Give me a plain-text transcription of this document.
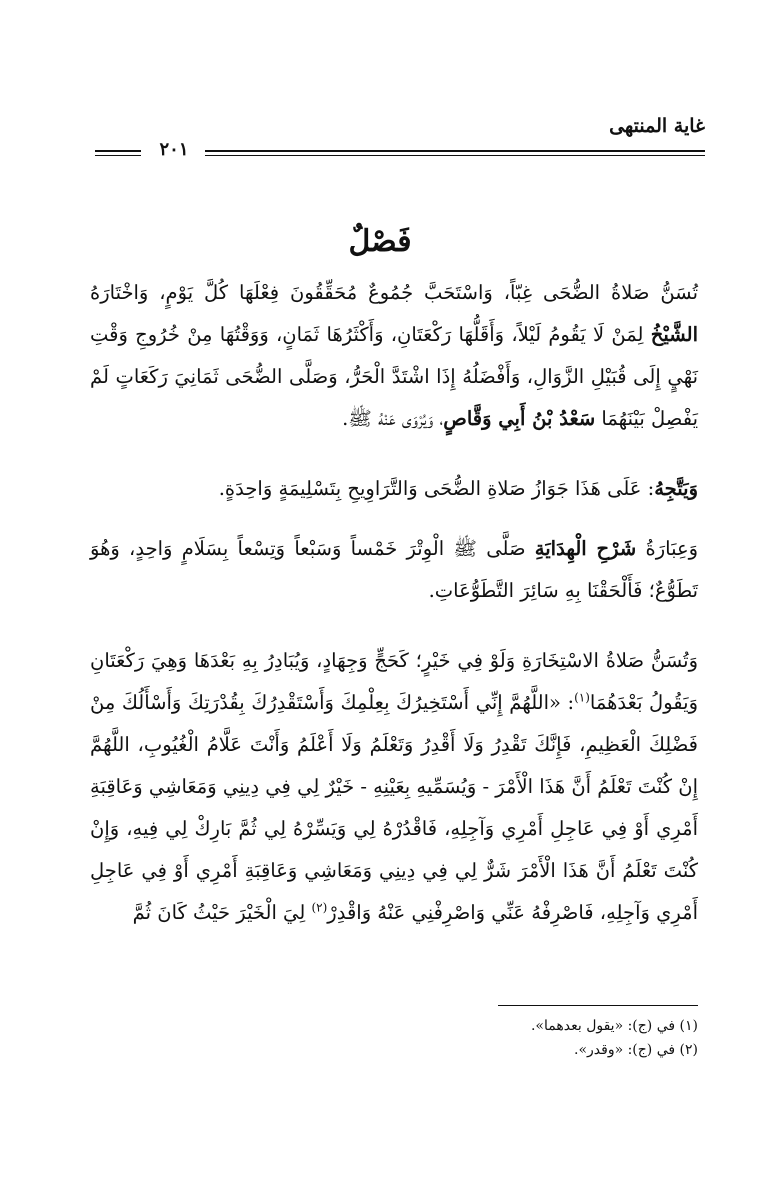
غاية المنتهى
٢٠١
فَصْلٌ

تُسَنُّ صَلاةُ الضُّحَى غِبّاً، وَاسْتَحَبَّ جُمُوعٌ مُحَقِّقُونَ فِعْلَهَا كُلَّ يَوْمٍ، وَاخْتَارَهُ الشَّيْخُ لِمَنْ لَا يَقُومُ لَيْلاً، وَأَقَلُّهَا رَكْعَتَانِ، وَأَكْثَرُهَا ثَمَانٍ، وَوَقْتُهَا مِنْ خُرُوجِ وَقْتِ نَهْيٍ إِلَى قُبَيْلِ الزَّوَالِ، وَأَفْضَلُهُ إِذَا اشْتَدَّ الْحَرُّ، وَصَلَّى الضُّحَى ثَمَانِيَ رَكَعَاتٍ لَمْ يَفْصِلْ بَيْنَهُمَا سَعْدُ بْنُ أَبِي وَقَّاصٍ، وَيُرْوَى عَنْهُ ﷺ.

وَيَتَّجِهُ: عَلَى هَذَا جَوَازُ صَلاةِ الضُّحَى وَالتَّرَاوِيحِ بِتَسْلِيمَةٍ وَاحِدَةٍ.

وَعِبَارَةُ شَرْحِ الْهِدَايَةِ صَلَّى ﷺ الْوِتْرَ خَمْساً وَسَبْعاً وَتِسْعاً بِسَلَامٍ وَاحِدٍ، وَهُوَ تَطَوُّعٌ؛ فَأَلْحَقْنَا بِهِ سَائِرَ التَّطَوُّعَاتِ.

وَتُسَنُّ صَلاةُ الاسْتِخَارَةِ وَلَوْ فِي خَيْرٍ؛ كَحَجٍّ وَجِهَادٍ، وَيُبَادِرُ بِهِ بَعْدَهَا وَهِيَ رَكْعَتَانِ وَيَقُولُ بَعْدَهُمَا$^{(١)}$: «اللَّهُمَّ إِنِّي أَسْتَخِيرُكَ بِعِلْمِكَ وَأَسْتَقْدِرُكَ بِقُدْرَتِكَ وَأَسْأَلُكَ مِنْ فَضْلِكَ الْعَظِيمِ، فَإِنَّكَ تَقْدِرُ وَلَا أَقْدِرُ وَتَعْلَمُ وَلَا أَعْلَمُ وَأَنْتَ عَلَّامُ الْغُيُوبِ، اللَّهُمَّ إِنْ كُنْتَ تَعْلَمُ أَنَّ هَذَا الْأَمْرَ - وَيُسَمِّيهِ بِعَيْنِهِ - خَيْرٌ لِي فِي دِينِي وَمَعَاشِي وَعَاقِبَةِ أَمْرِي أَوْ فِي عَاجِلِ أَمْرِي وَآجِلِهِ، فَاقْدُرْهُ لِي وَيَسِّرْهُ لِي ثُمَّ بَارِكْ لِي فِيهِ، وَإِنْ كُنْتَ تَعْلَمُ أَنَّ هَذَا الْأَمْرَ شَرٌّ لِي فِي دِينِي وَمَعَاشِي وَعَاقِبَةِ أَمْرِي أَوْ فِي عَاجِلِ أَمْرِي وَآجِلِهِ، فَاصْرِفْهُ عَنِّي وَاصْرِفْنِي عَنْهُ وَاقْدِرْ$^{(٢)}$ لِيَ الْخَيْرَ حَيْثُ كَانَ ثُمَّ

(١) في (ج): «يقول بعدهما».
(٢) في (ج): «وقدر».
